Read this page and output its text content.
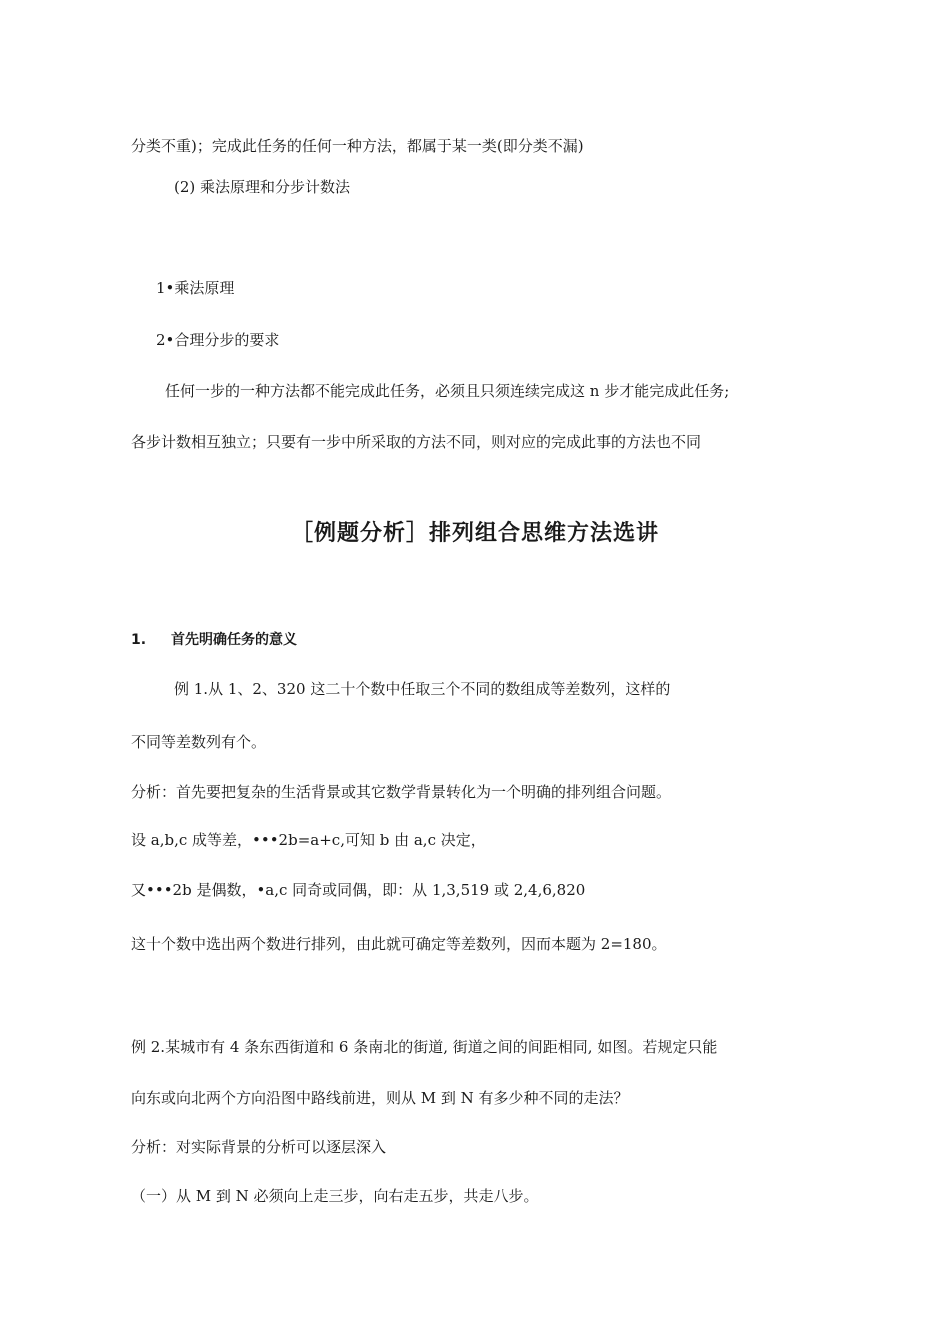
分类不重)；完成此任务的任何一种方法，都属于某一类(即分类不漏)
(2) 乘法原理和分步计数法
1•乘法原理
2•合理分步的要求
任何一步的一种方法都不能完成此任务，必须且只须连续完成这 n 步才能完成此任务;
各步计数相互独立；只要有一步中所采取的方法不同，则对应的完成此事的方法也不同
［例题分析］排列组合思维方法选讲
1. 首先明确任务的意义
例 1.从 1、2、320 这二十个数中任取三个不同的数组成等差数列，这样的
不同等差数列有个。
分析：首先要把复杂的生活背景或其它数学背景转化为一个明确的排列组合问题。
设 a,b,c 成等差，•••2b=a+c,可知 b 由 a,c 决定，
又•••2b 是偶数，•a,c 同奇或同偶，即：从 1,3,519 或 2,4,6,820
这十个数中选出两个数进行排列，由此就可确定等差数列，因而本题为 2=180。
例 2.某城市有 4 条东西街道和 6 条南北的街道, 街道之间的间距相同, 如图。若规定只能
向东或向北两个方向沿图中路线前进，则从 M 到 N 有多少种不同的走法？
分析：对实际背景的分析可以逐层深入
（一）从 M 到 N 必须向上走三步，向右走五步，共走八步。
